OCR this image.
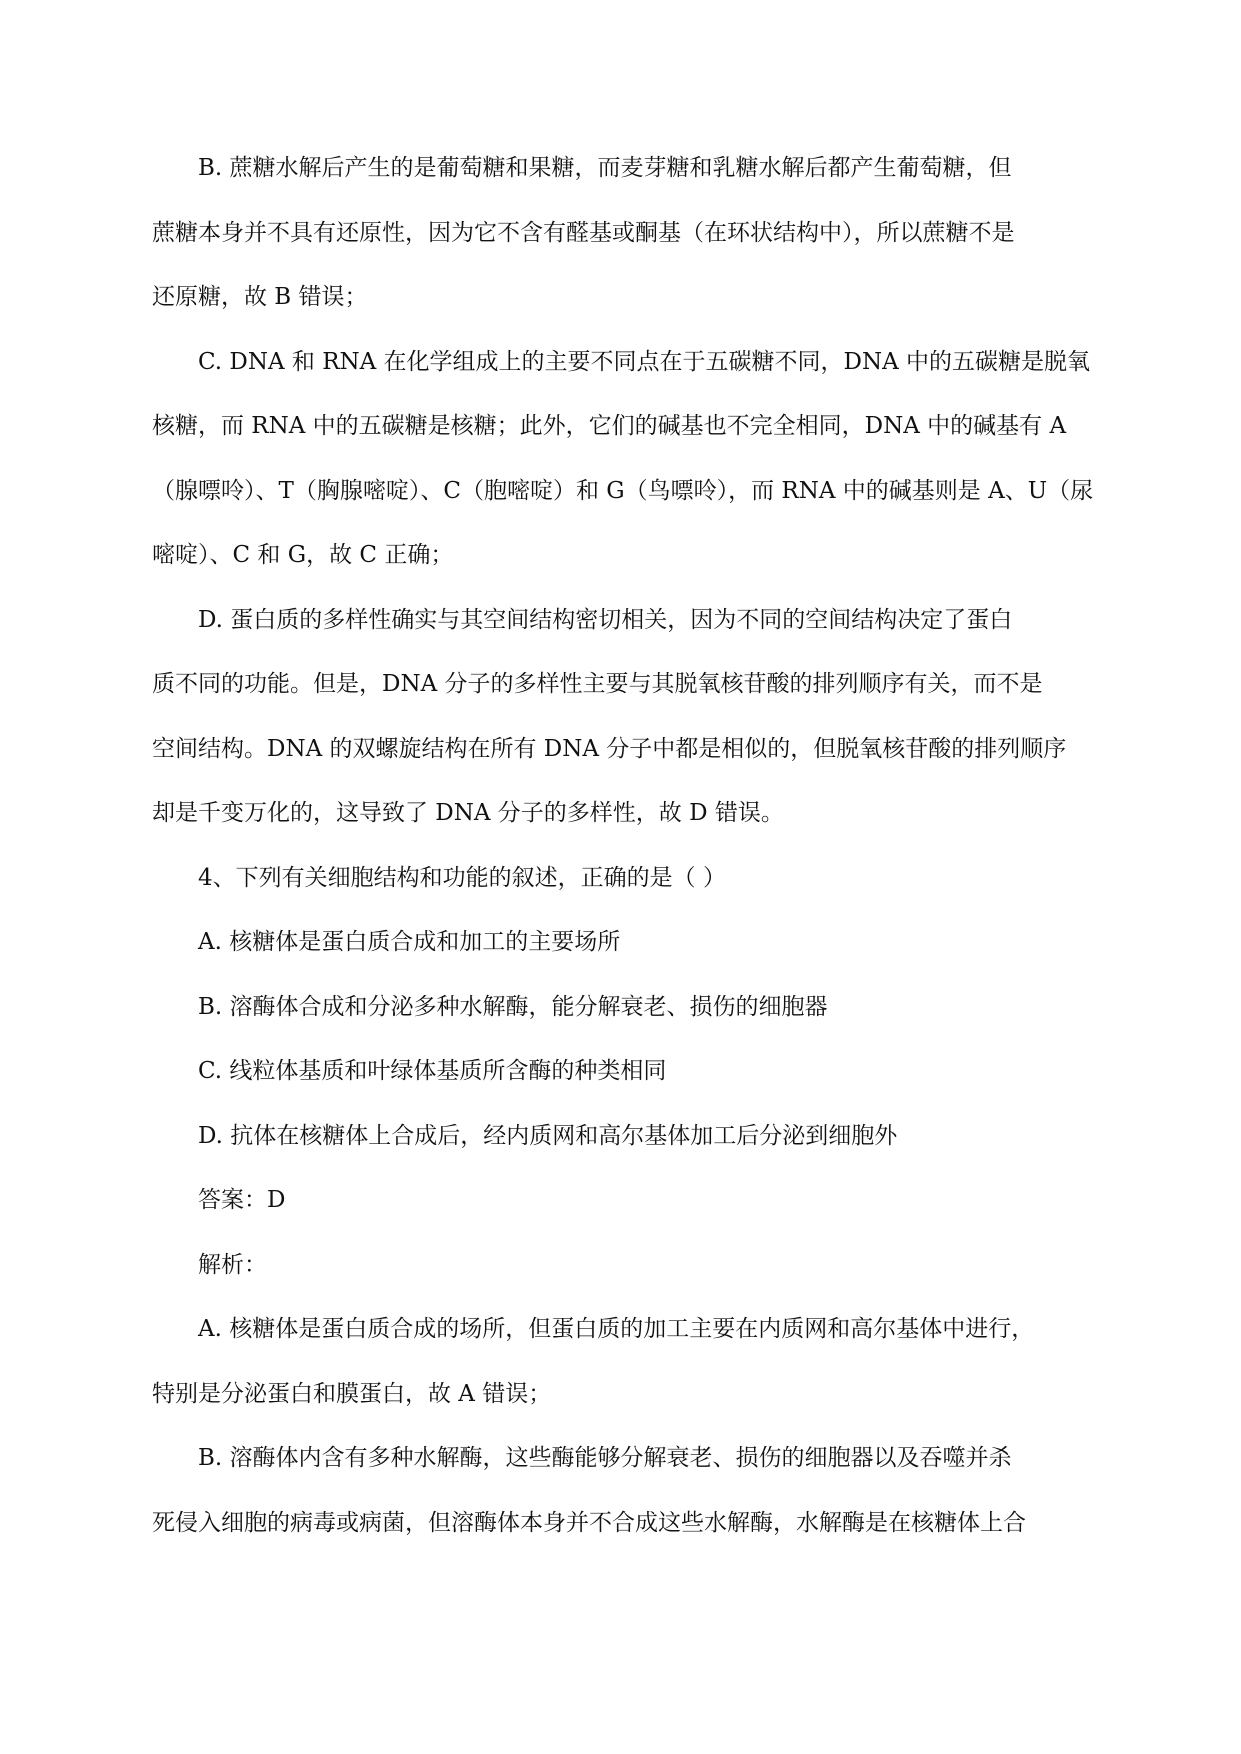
B. 蔗糖水解后产生的是葡萄糖和果糖，而麦芽糖和乳糖水解后都产生葡萄糖，但
蔗糖本身并不具有还原性，因为它不含有醛基或酮基（在环状结构中），所以蔗糖不是
还原糖，故 B 错误；
C. DNA 和 RNA 在化学组成上的主要不同点在于五碳糖不同，DNA 中的五碳糖是脱氧
核糖，而 RNA 中的五碳糖是核糖；此外，它们的碱基也不完全相同，DNA 中的碱基有 A
（腺嘌呤）、T（胸腺嘧啶）、C（胞嘧啶）和 G（鸟嘌呤），而 RNA 中的碱基则是 A、U（尿
嘧啶）、C 和 G，故 C 正确；
D. 蛋白质的多样性确实与其空间结构密切相关，因为不同的空间结构决定了蛋白
质不同的功能。但是，DNA 分子的多样性主要与其脱氧核苷酸的排列顺序有关，而不是
空间结构。DNA 的双螺旋结构在所有 DNA 分子中都是相似的，但脱氧核苷酸的排列顺序
却是千变万化的，这导致了 DNA 分子的多样性，故 D 错误。
4、下列有关细胞结构和功能的叙述，正确的是（ ）
A. 核糖体是蛋白质合成和加工的主要场所
B. 溶酶体合成和分泌多种水解酶，能分解衰老、损伤的细胞器
C. 线粒体基质和叶绿体基质所含酶的种类相同
D. 抗体在核糖体上合成后，经内质网和高尔基体加工后分泌到细胞外
答案：D
解析：
A. 核糖体是蛋白质合成的场所，但蛋白质的加工主要在内质网和高尔基体中进行，
特别是分泌蛋白和膜蛋白，故 A 错误；
B. 溶酶体内含有多种水解酶，这些酶能够分解衰老、损伤的细胞器以及吞噬并杀
死侵入细胞的病毒或病菌，但溶酶体本身并不合成这些水解酶，水解酶是在核糖体上合
